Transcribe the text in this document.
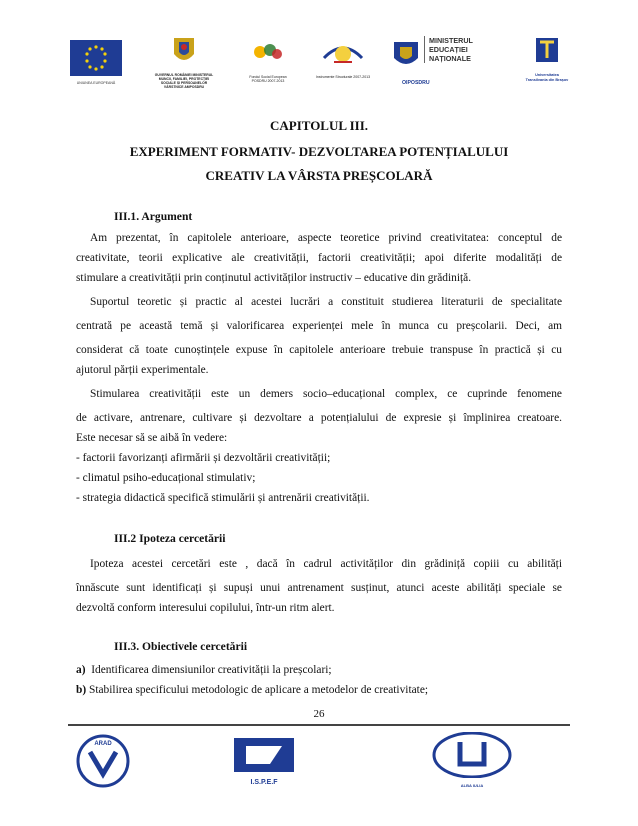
UNIUNEA EUROPEANĂ
GUVERNUL ROMÂNIEI MINISTERUL MUNCII, FAMILIEI, PROTECȚIEI SOCIALE ȘI PERSOANELOR VÂRSTNICE AMPOSDRU
Fondul Social European POSDRU 2007-2013
Instrumente Structurale 2007-2013
MINISTERUL
EDUCAȚIEI
NAȚIONALE
OIPOSDRU
Universitatea Transilvania din Brașov
CAPITOLUL III.
EXPERIMENT FORMATIV- DEZVOLTAREA POTENȚIALULUI
CREATIV LA VÂRSTA PREȘCOLARĂ
III.1. Argument
Am prezentat, în capitolele anterioare, aspecte teoretice privind creativitatea: conceptul de
creativitate, teorii explicative ale creativității, factorii creativității; apoi diferite modalități de
stimulare a creativității prin conținutul activităților instructiv – educative din grădiniță.
Suportul teoretic și practic al acestei lucrări a constituit studierea literaturii de specialitate
centrată pe această temă și valorificarea experienței mele în munca cu preșcolarii. Deci, am
considerat că toate cunoștințele expuse în capitolele anterioare trebuie transpuse în practică și cu
ajutorul părții experimentale.
Stimularea creativității este un demers socio–educațional complex, ce cuprinde fenomene
de activare, antrenare, cultivare și dezvoltare a potențialului de expresie și împlinirea creatoare.
Este necesar să se aibă în vedere:
- factorii favorizanți afirmării și dezvoltării creativității;
- climatul psiho-educațional stimulativ;
- strategia didactică specifică stimulării și antrenării creativității.
III.2 Ipoteza cercetării
Ipoteza acestei cercetări este , dacă în cadrul activităților din grădiniță copiii cu abilități
înnăscute sunt identificați și supuși unui antrenament susținut, atunci aceste abilități speciale se
dezvoltă conform interesului copilului, într-un ritm alert.
III.3. Obiectivele cercetării
a) Identificarea dimensiunilor creativității la preșcolari;
b) Stabilirea specificului metodologic de aplicare a metodelor de creativitate;
26
ARAD
I.S.P.E.F	ALBA IULIA
